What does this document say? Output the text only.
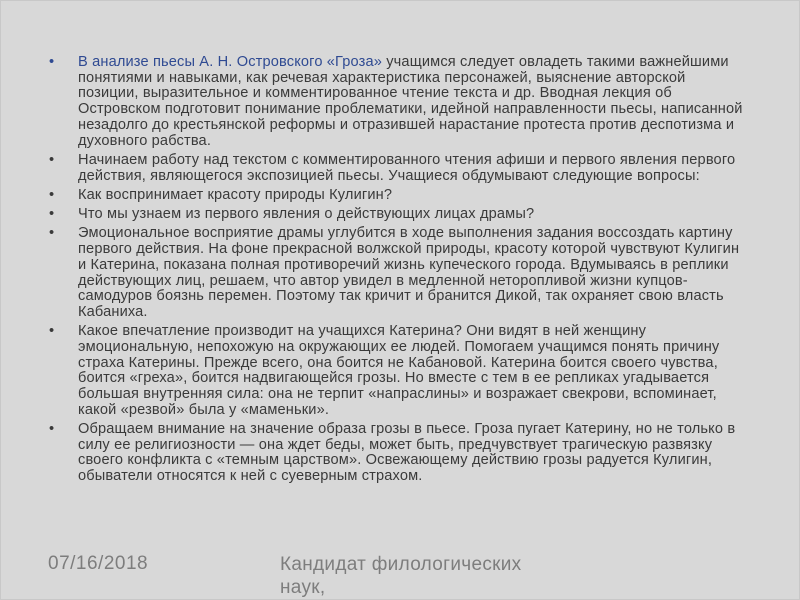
• В анализе пьесы А. Н. Островского «Гроза» учащимся следует овладеть такими важнейшими понятиями и навыками, как речевая характеристика персонажей, выяснение авторской позиции, выразительное и комментированное чтение текста и др. Вводная лекция об Островском подготовит понимание проблематики, идейной направленности пьесы, написанной незадолго до крестьянской реформы и отразившей нарастание протеста против деспотизма и духовного рабства.
• Начинаем работу над текстом с комментированного чтения афиши и первого явления первого действия, являющегося экспозицией пьесы. Учащиеся обдумывают следующие вопросы:
• Как воспринимает красоту природы Кулигин?
• Что мы узнаем из первого явления о действующих лицах драмы?
• Эмоциональное восприятие драмы углубится в ходе выполнения задания воссоздать картину первого действия. На фоне прекрасной волжской природы, красоту которой чувствуют Кулигин и Катерина, показана полная противоречий жизнь купеческого города. Вдумываясь в реплики действующих лиц, решаем, что автор увидел в медленной неторопливой жизни купцов-самодуров боязнь перемен. Поэтому так кричит и бранится Дикой, так охраняет свою власть Кабаниха.
• Какое впечатление производит на учащихся Катерина? Они видят в ней женщину эмоциональную, непохожую на окружающих ее людей. Помогаем учащимся понять причину страха Катерины. Прежде всего, она боится не Кабановой. Катерина боится своего чувства, боится «греха», боится надвигающейся грозы. Но вместе с тем в ее репликах угадывается большая внутренняя сила: она не терпит «напраслины» и возражает свекрови, вспоминает, какой «резвой» была у «маменьки».
• Обращаем внимание на значение образа грозы в пьесе. Гроза пугает Катерину, но не только в силу ее религиозности — она ждет беды, может быть, предчувствует трагическую развязку своего конфликта с «темным царством». Освежающему действию грозы радуется Кулигин, обыватели относятся к ней с суеверным страхом.
07/16/2018	Кандидат филологических наук,
